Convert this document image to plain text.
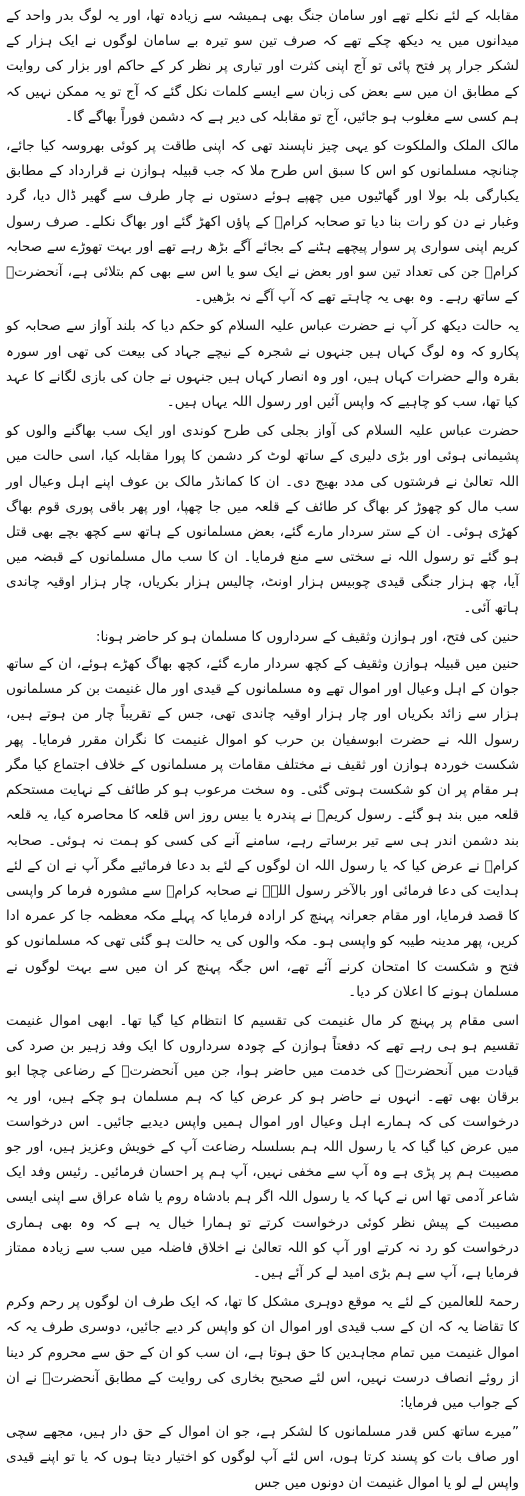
مقابلہ کے لئے نکلے تھے اور سامان جنگ بھی ہمیشہ سے زیادہ تھا، اور یہ لوگ بدر واحد کے میدانوں میں یہ دیکھ چکے تھے کہ صرف تین سو تیرہ بے سامان لوگوں نے ایک ہزار کے لشکر جرار پر فتح پائی تو آج اپنی کثرت اور تیاری پر نظر کر کے حاکم اور بزار کی روایت کے مطابق ان میں سے بعض کی زبان سے ایسے کلمات نکل گئے کہ آج تو یہ ممکن نہیں کہ ہم کسی سے مغلوب ہو جائیں، آج تو مقابلہ کی دیر ہے کہ دشمن فوراً بھاگے گا۔

مالک الملک والملکوت کو یہی چیز ناپسند تھی کہ اپنی طاقت پر کوئی بھروسہ کیا جائے، چنانچہ مسلمانوں کو اس کا سبق اس طرح ملا کہ جب قبیلہ ہوازن نے قرارداد کے مطابق یکبارگی بلہ بولا اور گھاٹیوں میں چھپے ہوئے دستوں نے چار طرف سے گھیر ڈال دیا، گرد وغبار نے دن کو رات بنا دیا تو صحابہ کرامؓ کے پاؤں اکھڑ گئے اور بھاگ نکلے۔ صرف رسول کریم اپنی سواری پر سوار پیچھے ہٹنے کے بجائے آگے بڑھ رہے تھے اور بہت تھوڑے سے صحابہ کرامؓ جن کی تعداد تین سو اور بعض نے ایک سو یا اس سے بھی کم بتلائی ہے، آنحضرتؐ کے ساتھ رہے۔ وہ بھی یہ چاہتے تھے کہ آپ آگے نہ بڑھیں۔

یہ حالت دیکھ کر آپ نے حضرت عباس علیہ السلام کو حکم دیا کہ بلند آواز سے صحابہ کو پکارو کہ وہ لوگ کہاں ہیں جنہوں نے شجرہ کے نیچے جہاد کی بیعت کی تھی اور سورہ بقرہ والے حضرات کہاں ہیں، اور وہ انصار کہاں ہیں جنہوں نے جان کی بازی لگانے کا عہد کیا تھا، سب کو چاہیے کہ واپس آئیں اور رسول اللہ یہاں ہیں۔

حضرت عباس علیہ السلام کی آواز بجلی کی طرح کوندی اور ایک سب بھاگنے والوں کو پشیمانی ہوئی اور بڑی دلیری کے ساتھ لوٹ کر دشمن کا پورا مقابلہ کیا، اسی حالت میں اللہ تعالیٰ نے فرشتوں کی مدد بھیج دی۔ ان کا کمانڈر مالک بن عوف اپنے اہل وعیال اور سب مال کو چھوڑ کر بھاگ کر طائف کے قلعہ میں جا چھپا، اور پھر باقی پوری قوم بھاگ کھڑی ہوئی۔ ان کے ستر سردار مارے گئے، بعض مسلمانوں کے ہاتھ سے کچھ بچے بھی قتل ہو گئے تو رسول اللہ نے سختی سے منع فرمایا۔ ان کا سب مال مسلمانوں کے قبضہ میں آیا، چھ ہزار جنگی قیدی چوبیس ہزار اونٹ، چالیس ہزار بکریاں، چار ہزار اوقیہ چاندی ہاتھ آئی۔

حنین کی فتح، اور ہوازن وثقیف کے سرداروں کا مسلمان ہو کر حاضر ہونا:

حنین میں قبیلہ ہوازن وثقیف کے کچھ سردار مارے گئے، کچھ بھاگ کھڑے ہوئے، ان کے ساتھ جوان کے اہل وعیال اور اموال تھے وہ مسلمانوں کے قیدی اور مال غنیمت بن کر مسلمانوں ہزار سے زائد بکریاں اور چار ہزار اوقیہ چاندی تھی، جس کے تقریباً چار من ہوتے ہیں، رسول اللہ نے حضرت ابوسفیان بن حرب کو اموال غنیمت کا نگران مقرر فرمایا۔ پھر شکست خوردہ ہوازن اور ثقیف نے مختلف مقامات پر مسلمانوں کے خلاف اجتماع کیا مگر ہر مقام پر ان کو شکست ہوتی گئی۔ وہ سخت مرعوب ہو کر طائف کے نہایت مستحکم قلعہ میں بند ہو گئے۔ رسول کریمؐ نے پندرہ یا بیس روز اس قلعہ کا محاصرہ کیا، یہ قلعہ بند دشمن اندر ہی سے تیر برساتے رہے، سامنے آنے کی کسی کو ہمت نہ ہوئی۔ صحابہ کرامؓ نے عرض کیا کہ یا رسول اللہ ان لوگوں کے لئے بد دعا فرمائیے مگر آپ نے ان کے لئے ہدایت کی دعا فرمائی اور بالآخر رسول اللہؐ نے صحابہ کرامؓ سے مشورہ فرما کر واپسی کا قصد فرمایا، اور مقام جعرانہ پہنچ کر ارادہ فرمایا کہ پہلے مکہ معظمہ جا کر عمرہ ادا کریں، پھر مدینہ طیبہ کو واپسی ہو۔ مکہ والوں کی یہ حالت ہو گئی تھی کہ مسلمانوں کو فتح و شکست کا امتحان کرنے آئے تھے، اس جگہ پہنچ کر ان میں سے بہت لوگوں نے مسلمان ہونے کا اعلان کر دیا۔

اسی مقام پر پہنچ کر مال غنیمت کی تقسیم کا انتظام کیا گیا تھا۔ ابھی اموال غنیمت تقسیم ہو ہی رہے تھے کہ دفعتاً ہوازن کے چودہ سرداروں کا ایک وفد زہیر بن صرد کی قیادت میں آنحضرتؐ کی خدمت میں حاضر ہوا، جن میں آنحضرتؐ کے رضاعی چچا ابو برقان بھی تھے۔ انہوں نے حاضر ہو کر عرض کیا کہ ہم مسلمان ہو چکے ہیں، اور یہ درخواست کی کہ ہمارے اہل وعیال اور اموال ہمیں واپس دیدیے جائیں۔ اس درخواست میں عرض کیا گیا کہ یا رسول اللہ ہم بسلسلہ رضاعت آپ کے خویش وعزیز ہیں، اور جو مصیبت ہم پر پڑی ہے وہ آپ سے مخفی نہیں، آپ ہم پر احسان فرمائیں۔ رئیس وفد ایک شاعر آدمی تھا اس نے کہا کہ یا رسول اللہ اگر ہم بادشاہ روم یا شاہ عراق سے اپنی ایسی مصیبت کے پیش نظر کوئی درخواست کرتے تو ہمارا خیال یہ ہے کہ وہ بھی ہماری درخواست کو رد نہ کرتے اور آپ کو اللہ تعالیٰ نے اخلاق فاضلہ میں سب سے زیادہ ممتاز فرمایا ہے، آپ سے ہم بڑی امید لے کر آئے ہیں۔

رحمۃ للعالمین کے لئے یہ موقع دوہری مشکل کا تھا، کہ ایک طرف ان لوگوں پر رحم وکرم کا تقاضا یہ کہ ان کے سب قیدی اور اموال ان کو واپس کر دیے جائیں، دوسری طرف یہ کہ اموال غنیمت میں تمام مجاہدین کا حق ہوتا ہے، ان سب کو ان کے حق سے محروم کر دینا از روئے انصاف درست نہیں، اس لئے صحیح بخاری کی روایت کے مطابق آنحضرتؐ نے ان کے جواب میں فرمایا:

”میرے ساتھ کس قدر مسلمانوں کا لشکر ہے، جو ان اموال کے حق دار ہیں، مجھے سچی اور صاف بات کو پسند کرتا ہوں، اس لئے آپ لوگوں کو اختیار دیتا ہوں کہ یا تو اپنے قیدی واپس لے لو یا اموال غنیمت ان دونوں میں جس
